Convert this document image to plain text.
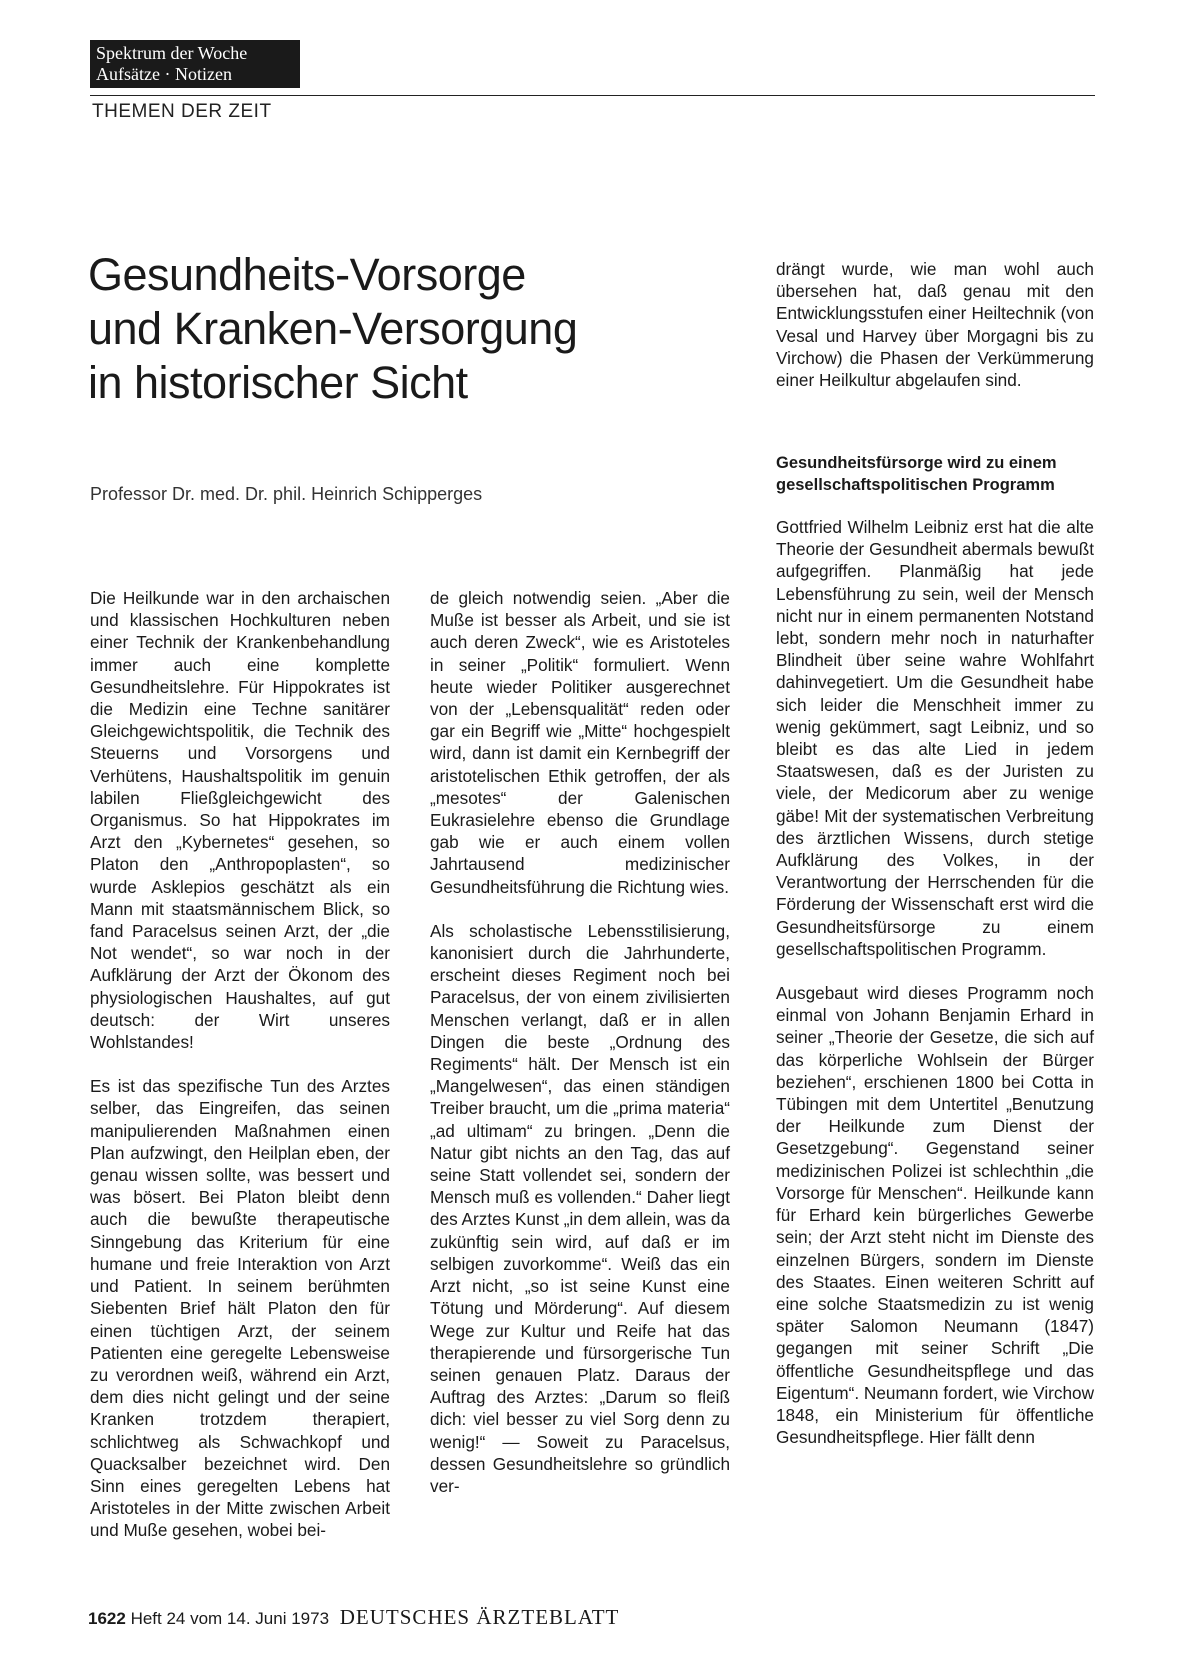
Spektrum der Woche
Aufsätze · Notizen
THEMEN DER ZEIT
Gesundheits-Vorsorge
und Kranken-Versorgung
in historischer Sicht
Professor Dr. med. Dr. phil. Heinrich Schipperges

Die Heilkunde war in den archaischen und klassischen Hochkulturen neben einer Technik der Krankenbehandlung immer auch eine komplette Gesundheitslehre. Für Hippokrates ist die Medizin eine Techne sanitärer Gleichgewichtspolitik, die Technik des Steuerns und Vorsorgens und Verhütens, Haushaltspolitik im genuin labilen Fließgleichgewicht des Organismus. So hat Hippokrates im Arzt den „Kybernetes“ gesehen, so Platon den „Anthropoplasten“, so wurde Asklepios geschätzt als ein Mann mit staatsmännischem Blick, so fand Paracelsus seinen Arzt, der „die Not wendet“, so war noch in der Aufklärung der Arzt der Ökonom des physiologischen Haushaltes, auf gut deutsch: der Wirt unseres Wohlstandes!

Es ist das spezifische Tun des Arztes selber, das Eingreifen, das seinen manipulierenden Maßnahmen einen Plan aufzwingt, den Heilplan eben, der genau wissen sollte, was bessert und was bösert. Bei Platon bleibt denn auch die bewußte therapeutische Sinngebung das Kriterium für eine humane und freie Interaktion von Arzt und Patient. In seinem berühmten Siebenten Brief hält Platon den für einen tüchtigen Arzt, der seinem Patienten eine geregelte Lebensweise zu verordnen weiß, während ein Arzt, dem dies nicht gelingt und der seine Kranken trotzdem therapiert, schlichtweg als Schwachkopf und Quacksalber bezeichnet wird. Den Sinn eines geregelten Lebens hat Aristoteles in der Mitte zwischen Arbeit und Muße gesehen, wobei bei-

de gleich notwendig seien. „Aber die Muße ist besser als Arbeit, und sie ist auch deren Zweck“, wie es Aristoteles in seiner „Politik“ formuliert. Wenn heute wieder Politiker ausgerechnet von der „Lebensqualität“ reden oder gar ein Begriff wie „Mitte“ hochgespielt wird, dann ist damit ein Kernbegriff der aristotelischen Ethik getroffen, der als „mesotes“ der Galenischen Eukrasielehre ebenso die Grundlage gab wie er auch einem vollen Jahrtausend medizinischer Gesundheitsführung die Richtung wies.

Als scholastische Lebensstilisierung, kanonisiert durch die Jahrhunderte, erscheint dieses Regiment noch bei Paracelsus, der von einem zivilisierten Menschen verlangt, daß er in allen Dingen die beste „Ordnung des Regiments“ hält. Der Mensch ist ein „Mangelwesen“, das einen ständigen Treiber braucht, um die „prima materia“ „ad ultimam“ zu bringen. „Denn die Natur gibt nichts an den Tag, das auf seine Statt vollendet sei, sondern der Mensch muß es vollenden.“ Daher liegt des Arztes Kunst „in dem allein, was da zukünftig sein wird, auf daß er im selbigen zuvorkomme“. Weiß das ein Arzt nicht, „so ist seine Kunst eine Tötung und Mörderung“. Auf diesem Wege zur Kultur und Reife hat das therapierende und fürsorgerische Tun seinen genauen Platz. Daraus der Auftrag des Arztes: „Darum so fleiß dich: viel besser zu viel Sorg denn zu wenig!“ — Soweit zu Paracelsus, dessen Gesundheitslehre so gründlich ver-

drängt wurde, wie man wohl auch übersehen hat, daß genau mit den Entwicklungsstufen einer Heiltechnik (von Vesal und Harvey über Morgagni bis zu Virchow) die Phasen der Verkümmerung einer Heilkultur abgelaufen sind.

Gesundheitsfürsorge wird zu einem gesellschaftspolitischen Programm

Gottfried Wilhelm Leibniz erst hat die alte Theorie der Gesundheit abermals bewußt aufgegriffen. Planmäßig hat jede Lebensführung zu sein, weil der Mensch nicht nur in einem permanenten Notstand lebt, sondern mehr noch in naturhafter Blindheit über seine wahre Wohlfahrt dahinvegetiert. Um die Gesundheit habe sich leider die Menschheit immer zu wenig gekümmert, sagt Leibniz, und so bleibt es das alte Lied in jedem Staatswesen, daß es der Juristen zu viele, der Medicorum aber zu wenige gäbe! Mit der systematischen Verbreitung des ärztlichen Wissens, durch stetige Aufklärung des Volkes, in der Verantwortung der Herrschenden für die Förderung der Wissenschaft erst wird die Gesundheitsfürsorge zu einem gesellschaftspolitischen Programm.

Ausgebaut wird dieses Programm noch einmal von Johann Benjamin Erhard in seiner „Theorie der Gesetze, die sich auf das körperliche Wohlsein der Bürger beziehen“, erschienen 1800 bei Cotta in Tübingen mit dem Untertitel „Benutzung der Heilkunde zum Dienst der Gesetzgebung“. Gegenstand seiner medizinischen Polizei ist schlechthin „die Vorsorge für Menschen“. Heilkunde kann für Erhard kein bürgerliches Gewerbe sein; der Arzt steht nicht im Dienste des einzelnen Bürgers, sondern im Dienste des Staates. Einen weiteren Schritt auf eine solche Staatsmedizin zu ist wenig später Salomon Neumann (1847) gegangen mit seiner Schrift „Die öffentliche Gesundheitspflege und das Eigentum“. Neumann fordert, wie Virchow 1848, ein Ministerium für öffentliche Gesundheitspflege. Hier fällt denn

1622 Heft 24 vom 14. Juni 1973 DEUTSCHES ÄRZTEBLATT
